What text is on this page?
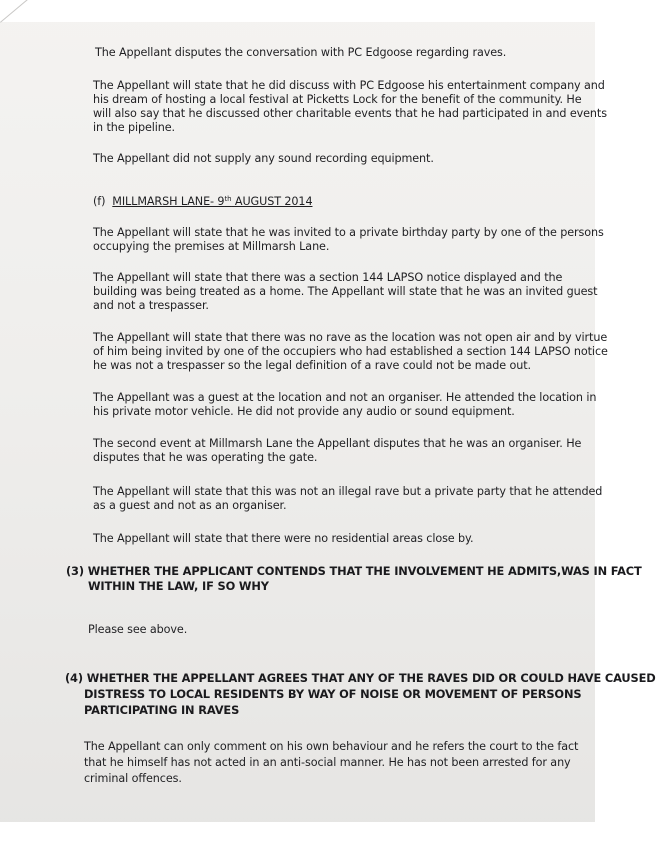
The Appellant disputes the conversation with PC Edgoose regarding raves.
The Appellant will state that he did discuss with PC Edgoose his entertainment company and
his dream of hosting a local festival at Picketts Lock for the benefit of the community. He
will also say that he discussed other charitable events that he had participated in and events
in the pipeline.
The Appellant did not supply any sound recording equipment.
(f) MILLMARSH LANE- 9th AUGUST 2014
The Appellant will state that he was invited to a private birthday party by one of the persons
occupying the premises at Millmarsh Lane.
The Appellant will state that there was a section 144 LAPSO notice displayed and the
building was being treated as a home. The Appellant will state that he was an invited guest
and not a trespasser.
The Appellant will state that there was no rave as the location was not open air and by virtue
of him being invited by one of the occupiers who had established a section 144 LAPSO notice
he was not a trespasser so the legal definition of a rave could not be made out.
The Appellant was a guest at the location and not an organiser. He attended the location in
his private motor vehicle. He did not provide any audio or sound equipment.
The second event at Millmarsh Lane the Appellant disputes that he was an organiser. He
disputes that he was operating the gate.
The Appellant will state that this was not an illegal rave but a private party that he attended
as a guest and not as an organiser.
The Appellant will state that there were no residential areas close by.
(3) WHETHER THE APPLICANT CONTENDS THAT THE INVOLVEMENT HE ADMITS,WAS IN FACT
WITHIN THE LAW, IF SO WHY
Please see above.
(4) WHETHER THE APPELLANT AGREES THAT ANY OF THE RAVES DID OR COULD HAVE CAUSED
DISTRESS TO LOCAL RESIDENTS BY WAY OF NOISE OR MOVEMENT OF PERSONS
PARTICIPATING IN RAVES
The Appellant can only comment on his own behaviour and he refers the court to the fact
that he himself has not acted in an anti-social manner. He has not been arrested for any
criminal offences.
